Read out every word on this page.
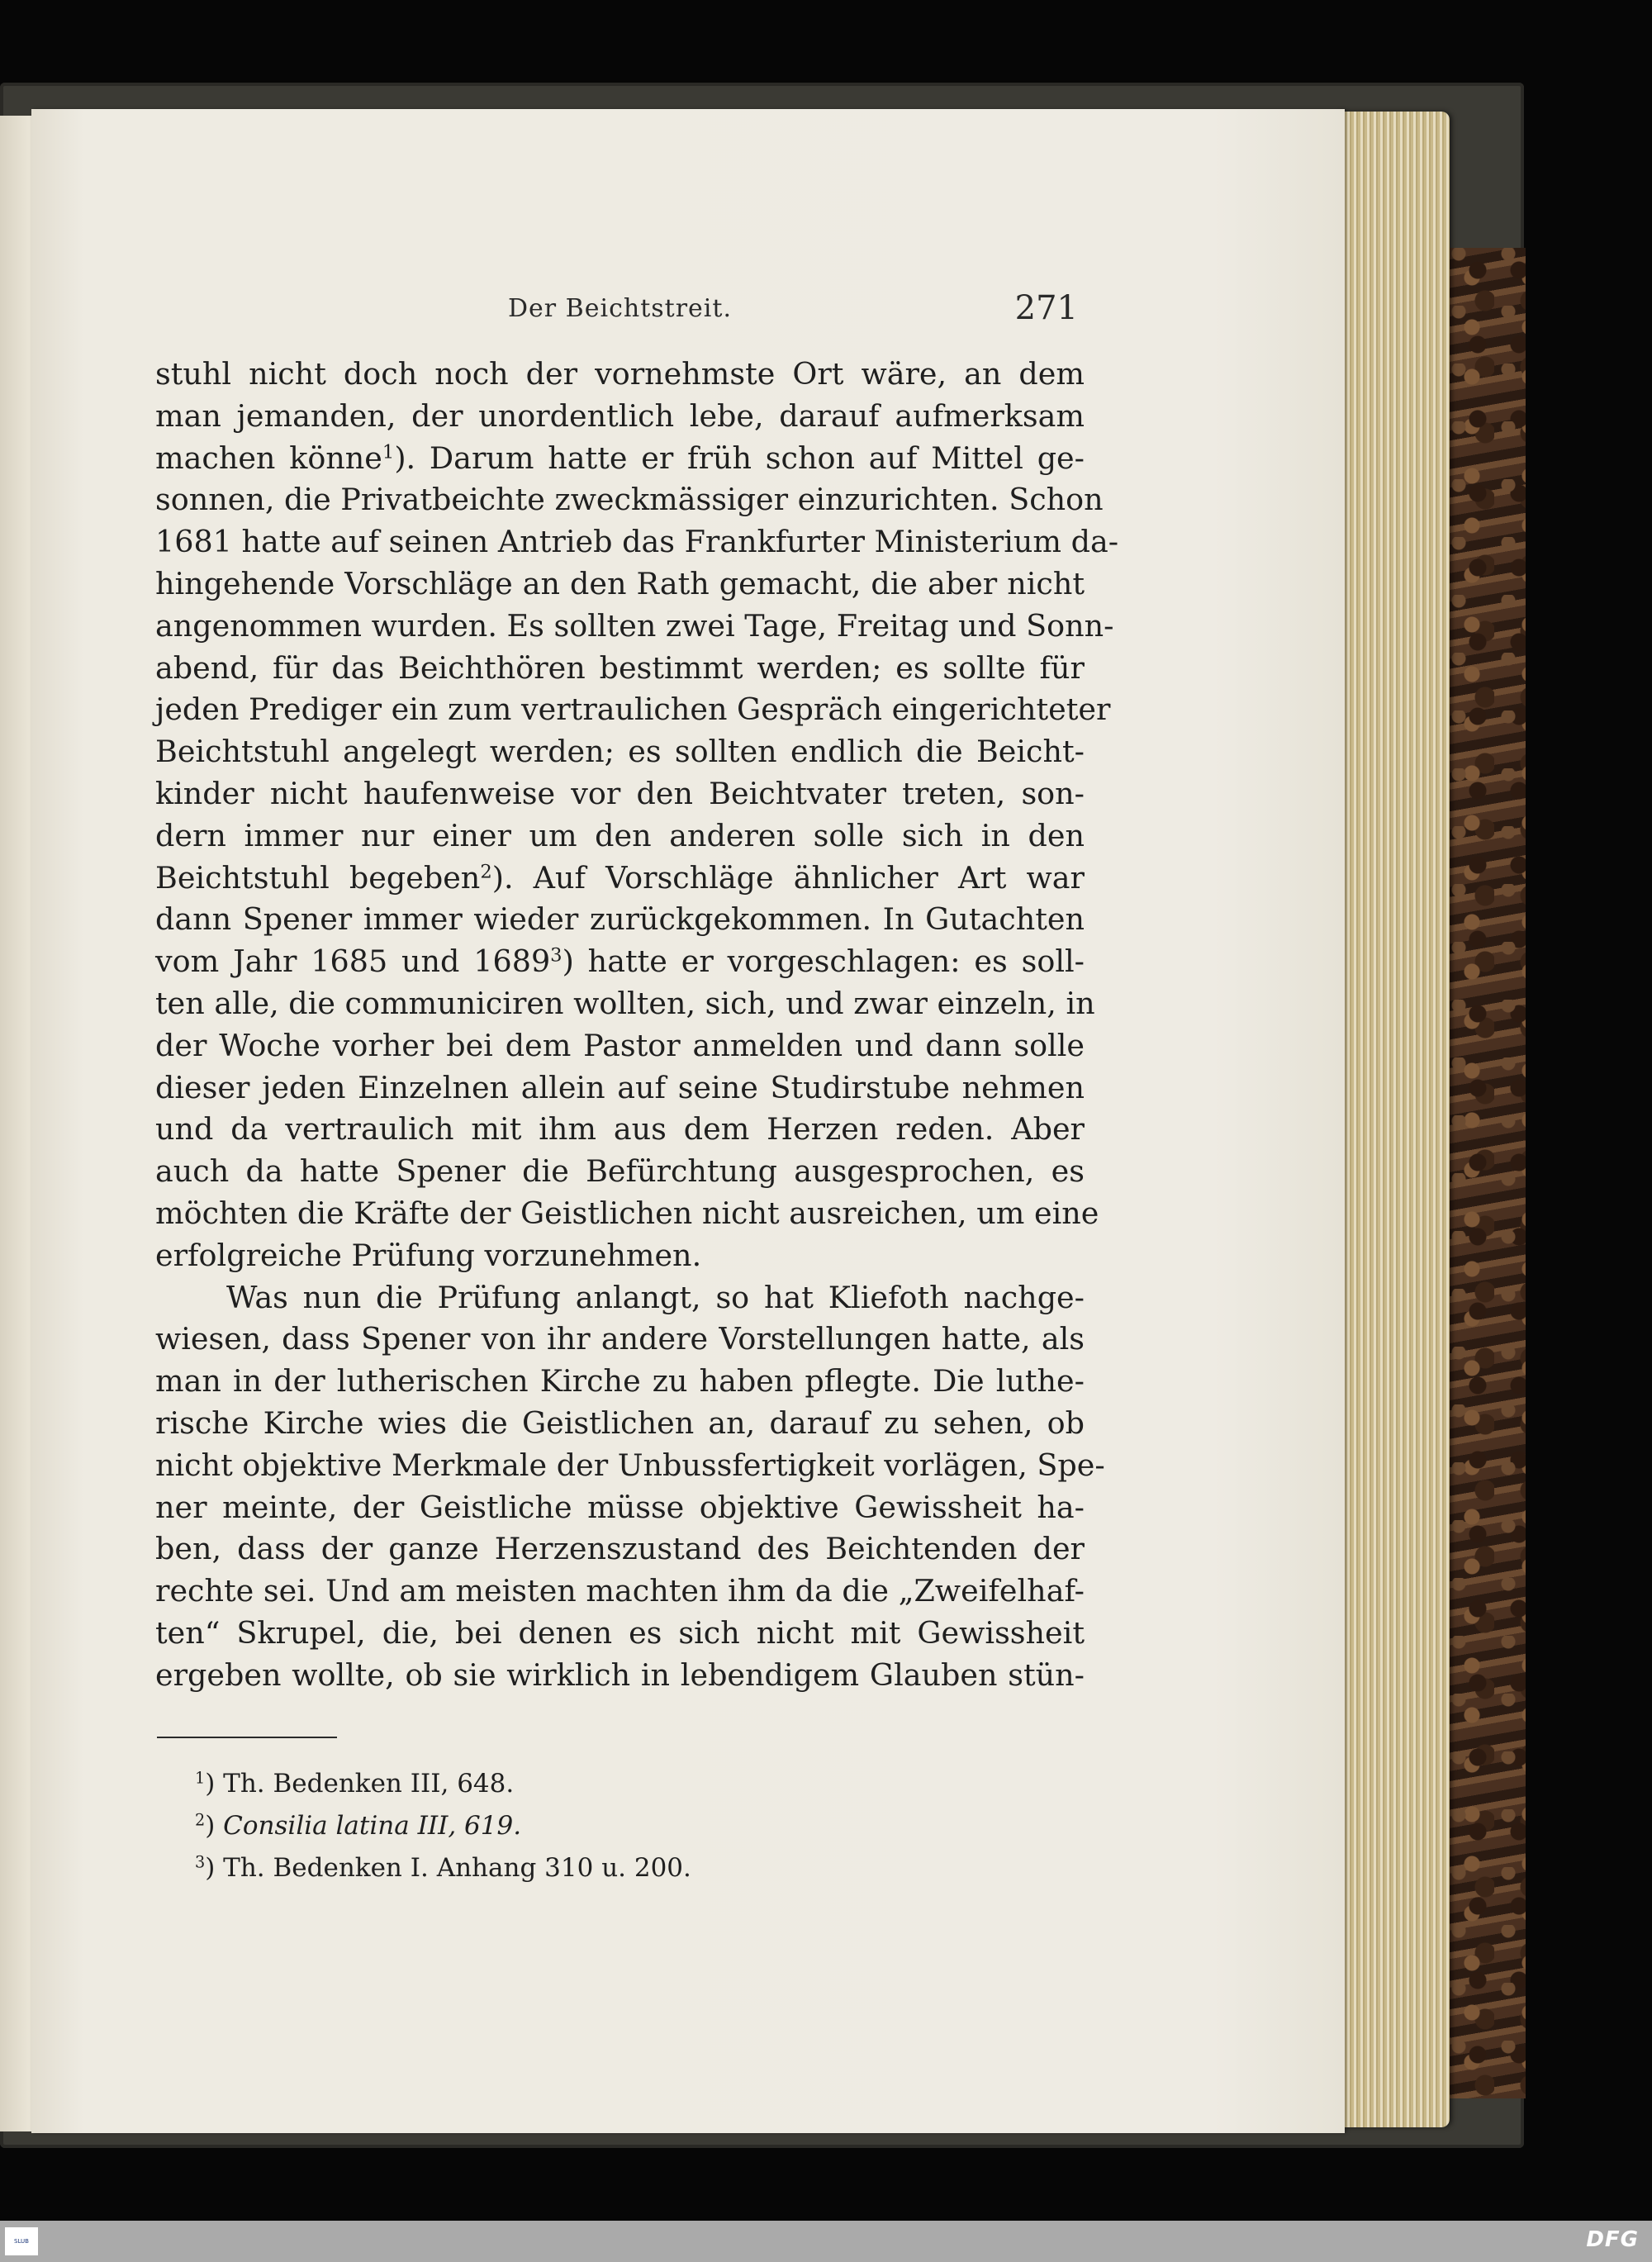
Der Beichtstreit.	271
stuhl nicht doch noch der vornehmste Ort wäre, an dem
man jemanden, der unordentlich lebe, darauf aufmerksam
machen könne$^1$). Darum hatte er früh schon auf Mittel ge-
sonnen, die Privatbeichte zweckmässiger einzurichten. Schon
1681 hatte auf seinen Antrieb das Frankfurter Ministerium da-
hingehende Vorschläge an den Rath gemacht, die aber nicht
angenommen wurden. Es sollten zwei Tage, Freitag und Sonn-
abend, für das Beichthören bestimmt werden; es sollte für
jeden Prediger ein zum vertraulichen Gespräch eingerichteter
Beichtstuhl angelegt werden; es sollten endlich die Beicht-
kinder nicht haufenweise vor den Beichtvater treten, son-
dern immer nur einer um den anderen solle sich in den
Beichtstuhl begeben$^2$). Auf Vorschläge ähnlicher Art war
dann Spener immer wieder zurückgekommen. In Gutachten
vom Jahr 1685 und 1689$^3$) hatte er vorgeschlagen: es soll-
ten alle, die communiciren wollten, sich, und zwar einzeln, in
der Woche vorher bei dem Pastor anmelden und dann solle
dieser jeden Einzelnen allein auf seine Studirstube nehmen
und da vertraulich mit ihm aus dem Herzen reden. Aber
auch da hatte Spener die Befürchtung ausgesprochen, es
möchten die Kräfte der Geistlichen nicht ausreichen, um eine
erfolgreiche Prüfung vorzunehmen.
Was nun die Prüfung anlangt, so hat Kliefoth nachge-
wiesen, dass Spener von ihr andere Vorstellungen hatte, als
man in der lutherischen Kirche zu haben pflegte. Die luthe-
rische Kirche wies die Geistlichen an, darauf zu sehen, ob
nicht objektive Merkmale der Unbussfertigkeit vorlägen, Spe-
ner meinte, der Geistliche müsse objektive Gewissheit ha-
ben, dass der ganze Herzenszustand des Beichtenden der
rechte sei. Und am meisten machten ihm da die „Zweifelhaf-
ten“ Skrupel, die, bei denen es sich nicht mit Gewissheit
ergeben wollte, ob sie wirklich in lebendigem Glauben stün-
$^1$) Th. Bedenken III, 648.
$^2$) Consilia latina III, 619.
$^3$) Th. Bedenken I. Anhang 310 u. 200.
SLUB	DFG
